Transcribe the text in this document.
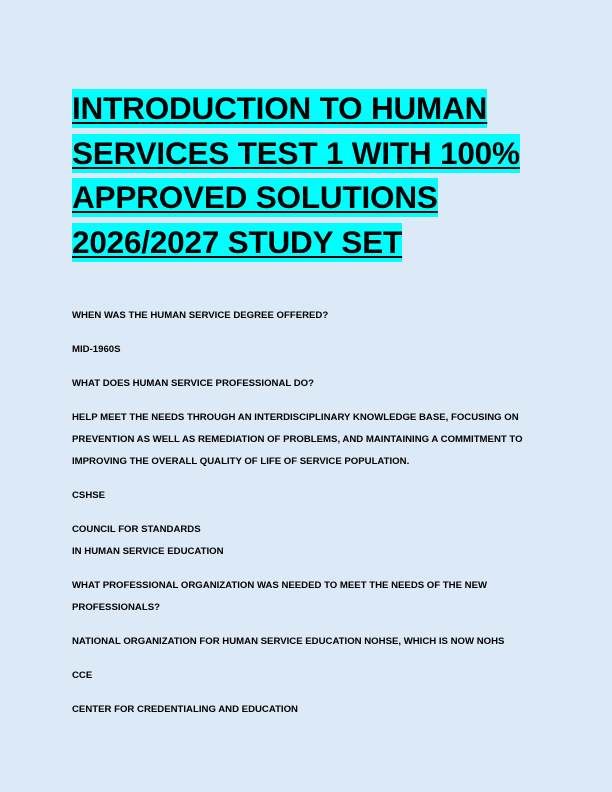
INTRODUCTION TO HUMAN SERVICES TEST 1 WITH 100% APPROVED SOLUTIONS 2026/2027 STUDY SET

WHEN WAS THE HUMAN SERVICE DEGREE OFFERED?

MID-1960S

WHAT DOES HUMAN SERVICE PROFESSIONAL DO?

HELP MEET THE NEEDS THROUGH AN INTERDISCIPLINARY KNOWLEDGE BASE, FOCUSING ON PREVENTION AS WELL AS REMEDIATION OF PROBLEMS, AND MAINTAINING A COMMITMENT TO IMPROVING THE OVERALL QUALITY OF LIFE OF SERVICE POPULATION.

CSHSE

COUNCIL FOR STANDARDS
IN HUMAN SERVICE EDUCATION

WHAT PROFESSIONAL ORGANIZATION WAS NEEDED TO MEET THE NEEDS OF THE NEW PROFESSIONALS?

NATIONAL ORGANIZATION FOR HUMAN SERVICE EDUCATION NOHSE, WHICH IS NOW NOHS

CCE

CENTER FOR CREDENTIALING AND EDUCATION
